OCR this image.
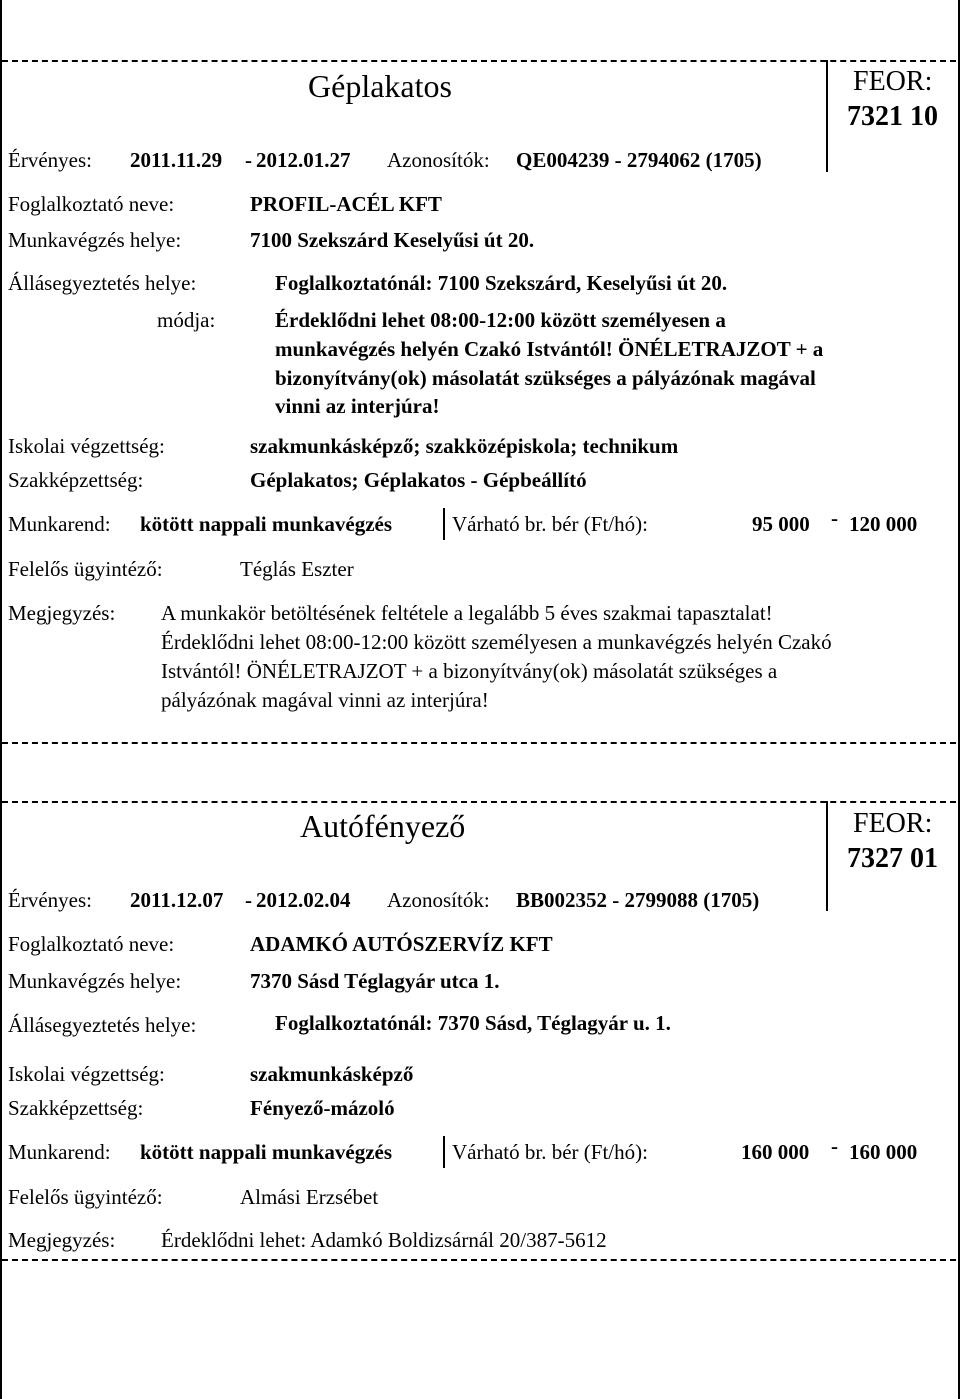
Géplakatos	FEOR:
7321 10
Érvényes: 2011.11.29 - 2012.01.27 Azonosítók: QE004239 - 2794062 (1705)
Foglalkoztató neve:	PROFIL-ACÉL KFT
Munkavégzés helye:	7100 Szekszárd Keselyűsi út 20.
Állásegyeztetés helye:	Foglalkoztatónál: 7100 Szekszárd, Keselyűsi út 20.
módja:	Érdeklődni lehet 08:00-12:00 között személyesen a
munkavégzés helyén Czakó Istvántól! ÖNÉLETRAJZOT + a
bizonyítvány(ok) másolatát szükséges a pályázónak magával
vinni az interjúra!
Iskolai végzettség:	szakmunkásképző; szakközépiskola; technikum
Szakképzettség:	Géplakatos; Géplakatos - Gépbeállító
Munkarend: kötött nappali munkavégzés	Várható br. bér (Ft/hó):	95 000 - 120 000
Felelős ügyintéző:	Téglás Eszter
Megjegyzés: A munkakör betöltésének feltétele a legalább 5 éves szakmai tapasztalat!
Érdeklődni lehet 08:00-12:00 között személyesen a munkavégzés helyén Czakó
Istvántól! ÖNÉLETRAJZOT + a bizonyítvány(ok) másolatát szükséges a
pályázónak magával vinni az interjúra!
Autófényező	FEOR:
7327 01
Érvényes: 2011.12.07 - 2012.02.04 Azonosítók: BB002352 - 2799088 (1705)
Foglalkoztató neve:	ADAMKÓ AUTÓSZERVÍZ KFT
Munkavégzés helye:	7370 Sásd Téglagyár utca 1.
Állásegyeztetés helye:	Foglalkoztatónál: 7370 Sásd, Téglagyár u. 1.
Iskolai végzettség:	szakmunkásképző
Szakképzettség:	Fényező-mázoló
Munkarend: kötött nappali munkavégzés	Várható br. bér (Ft/hó):	160 000 - 160 000
Felelős ügyintéző:	Almási Erzsébet
Megjegyzés: Érdeklődni lehet: Adamkó Boldizsárnál 20/387-5612
